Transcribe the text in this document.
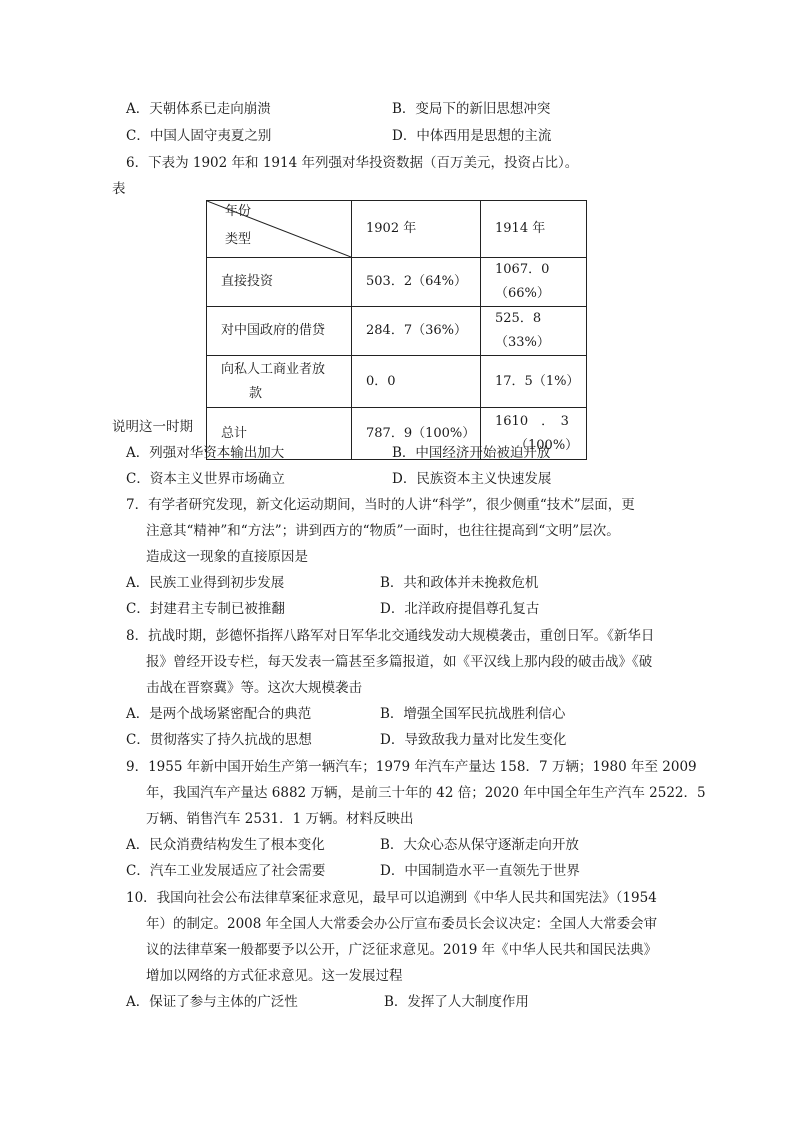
A．天朝体系已走向崩溃	B．变局下的新旧思想冲突
C．中国人固守夷夏之别	D．中体西用是思想的主流
6．下表为 1902 年和 1914 年列强对华投资数据（百万美元，投资占比）。
表
年份
类型	1902 年	1914 年
直接投资	503．2（64%）	1067．0（66%）
对中国政府的借贷	284．7（36%）	525．8（33%）

向私人工商业者放
款	0．0	17．5（1%）
总计	787．9（100%）	1610　．　3
（100%）
说明这一时期
A．列强对华资本输出加大	B．中国经济开始被迫开放
C．资本主义世界市场确立	D．民族资本主义快速发展
7．有学者研究发现，新文化运动期间，当时的人讲“科学”，很少侧重“技术”层面，更
注意其“精神”和“方法”；讲到西方的“物质”一面时，也往往提高到“文明”层次。
造成这一现象的直接原因是
A．民族工业得到初步发展	B．共和政体并未挽救危机
C．封建君主专制已被推翻	D．北洋政府提倡尊孔复古
8．抗战时期，彭德怀指挥八路军对日军华北交通线发动大规模袭击，重创日军。《新华日
报》曾经开设专栏，每天发表一篇甚至多篇报道，如《平汉线上那内段的破击战》《破
击战在晋察冀》等。这次大规模袭击
A．是两个战场紧密配合的典范	B．增强全国军民抗战胜利信心
C．贯彻落实了持久抗战的思想	D．导致敌我力量对比发生变化
9．1955 年新中国开始生产第一辆汽车；1979 年汽车产量达 158．7 万辆；1980 年至 2009
年，我国汽车产量达 6882 万辆，是前三十年的 42 倍；2020 年中国全年生产汽车 2522．5
万辆、销售汽车 2531．1 万辆。材料反映出
A．民众消费结构发生了根本变化	B．大众心态从保守逐渐走向开放
C．汽车工业发展适应了社会需要	D．中国制造水平一直领先于世界
10．我国向社会公布法律草案征求意见，最早可以追溯到《中华人民共和国宪法》（1954
年）的制定。2008 年全国人大常委会办公厅宣布委员长会议决定：全国人大常委会审
议的法律草案一般都要予以公开，广泛征求意见。2019 年《中华人民共和国民法典》
增加以网络的方式征求意见。这一发展过程
A．保证了参与主体的广泛性	B．发挥了人大制度作用
